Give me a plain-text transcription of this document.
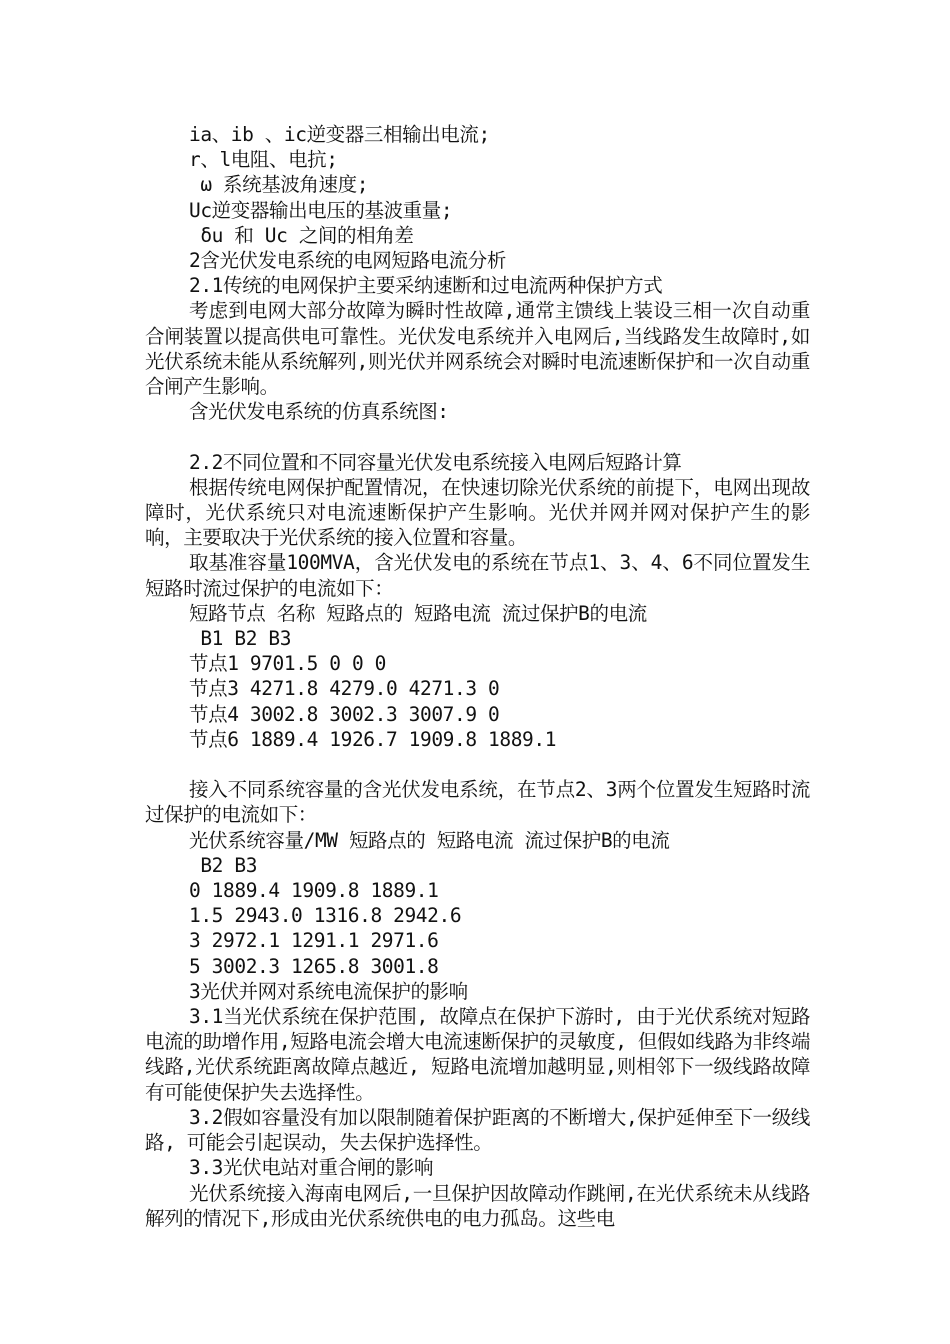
ia、ib 、ic逆变器三相输出电流;

r、l电阻、电抗;

ω 系统基波角速度;

Uc逆变器输出电压的基波重量;

δu 和 Uc 之间的相角差

2含光伏发电系统的电网短路电流分析

2.1传统的电网保护主要采纳速断和过电流两种保护方式

考虑到电网大部分故障为瞬时性故障,通常主馈线上装设三相一次自动重合闸装置以提高供电可靠性。光伏发电系统并入电网后,当线路发生故障时,如光伏系统未能从系统解列,则光伏并网系统会对瞬时电流速断保护和一次自动重合闸产生影响。

含光伏发电系统的仿真系统图:

2.2不同位置和不同容量光伏发电系统接入电网后短路计算

根据传统电网保护配置情况，在快速切除光伏系统的前提下，电网出现故障时，光伏系统只对电流速断保护产生影响。光伏并网并网对保护产生的影响，主要取决于光伏系统的接入位置和容量。

取基准容量100MVA，含光伏发电的系统在节点1、3、4、6不同位置发生短路时流过保护的电流如下：

短路节点 名称 短路点的 短路电流 流过保护B的电流

B1 B2 B3

节点1 9701.5 0 0 0

节点3 4271.8 4279.0 4271.3 0

节点4 3002.8 3002.3 3007.9 0

节点6 1889.4 1926.7 1909.8 1889.1

接入不同系统容量的含光伏发电系统，在节点2、3两个位置发生短路时流过保护的电流如下：

光伏系统容量/MW 短路点的 短路电流 流过保护B的电流

B2 B3

0 1889.4 1909.8 1889.1

1.5 2943.0 1316.8 2942.6

3 2972.1 1291.1 2971.6

5 3002.3 1265.8 3001.8

3光伏并网对系统电流保护的影响

3.1当光伏系统在保护范围, 故障点在保护下游时, 由于光伏系统对短路电流的助增作用,短路电流会增大电流速断保护的灵敏度, 但假如线路为非终端线路,光伏系统距离故障点越近, 短路电流增加越明显,则相邻下一级线路故障有可能使保护失去选择性。

3.2假如容量没有加以限制随着保护距离的不断增大,保护延伸至下一级线路, 可能会引起误动，失去保护选择性。

3.3光伏电站对重合闸的影响

光伏系统接入海南电网后,一旦保护因故障动作跳闸,在光伏系统未从线路解列的情况下,形成由光伏系统供电的电力孤岛。这些电
